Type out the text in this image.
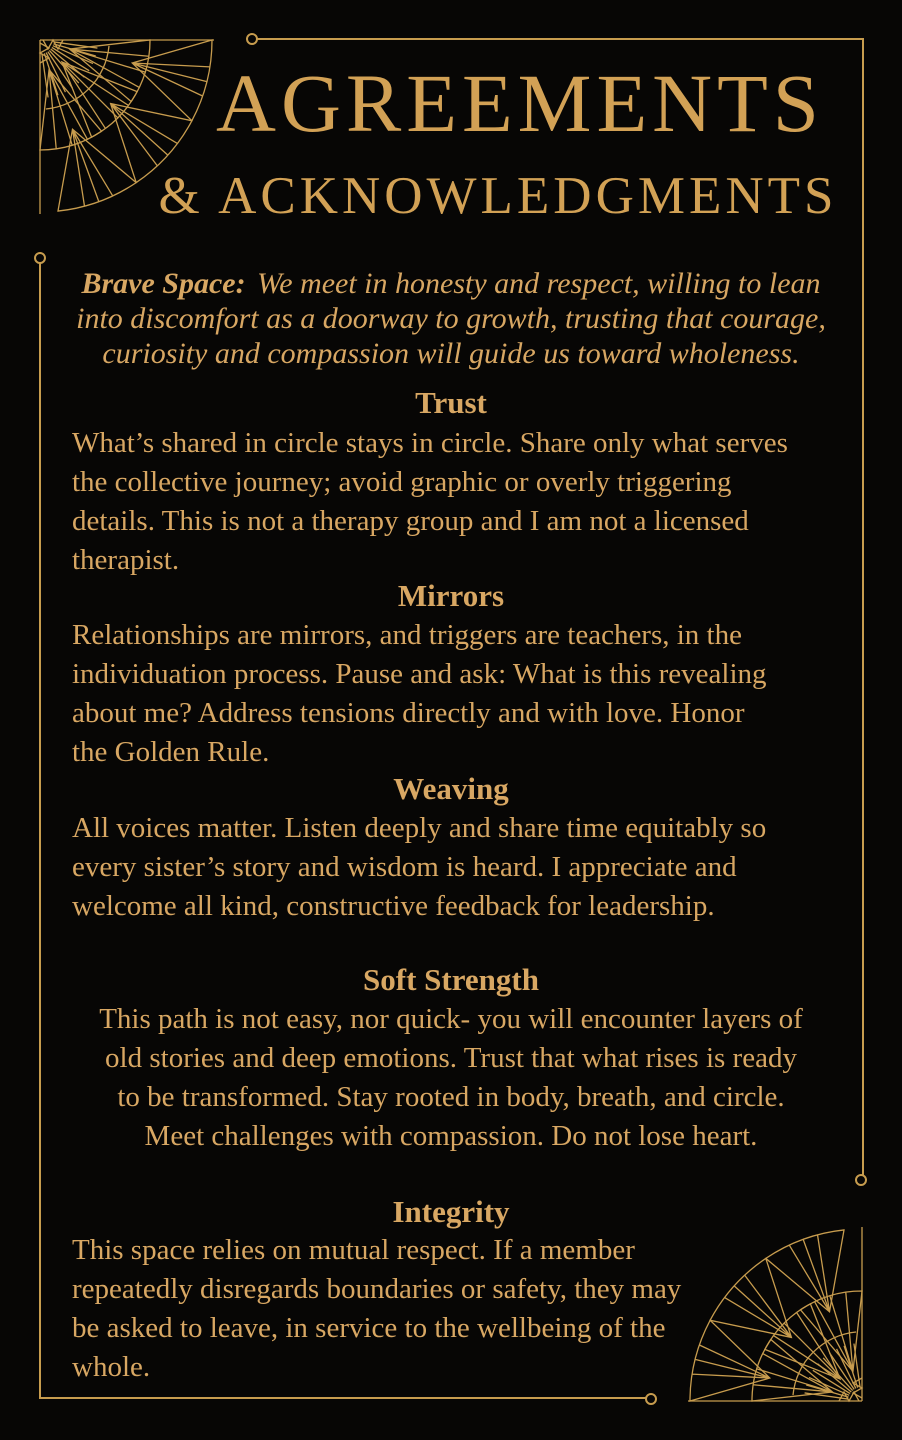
AGREEMENTS
& ACKNOWLEDGMENTS
Brave Space: We meet in honesty and respect, willing to lean
into discomfort as a doorway to growth, trusting that courage,
curiosity and compassion will guide us toward wholeness.
Trust
What’s shared in circle stays in circle. Share only what serves
the collective journey; avoid graphic or overly triggering
details. This is not a therapy group and I am not a licensed
therapist.
Mirrors
Relationships are mirrors, and triggers are teachers, in the
individuation process. Pause and ask: What is this revealing
about me? Address tensions directly and with love. Honor
the Golden Rule.
Weaving
All voices matter. Listen deeply and share time equitably so
every sister’s story and wisdom is heard. I appreciate and
welcome all kind, constructive feedback for leadership.
Soft Strength
This path is not easy, nor quick- you will encounter layers of
old stories and deep emotions. Trust that what rises is ready
to be transformed. Stay rooted in body, breath, and circle.
Meet challenges with compassion. Do not lose heart.
Integrity
This space relies on mutual respect. If a member
repeatedly disregards boundaries or safety, they may
be asked to leave, in service to the wellbeing of the
whole.
